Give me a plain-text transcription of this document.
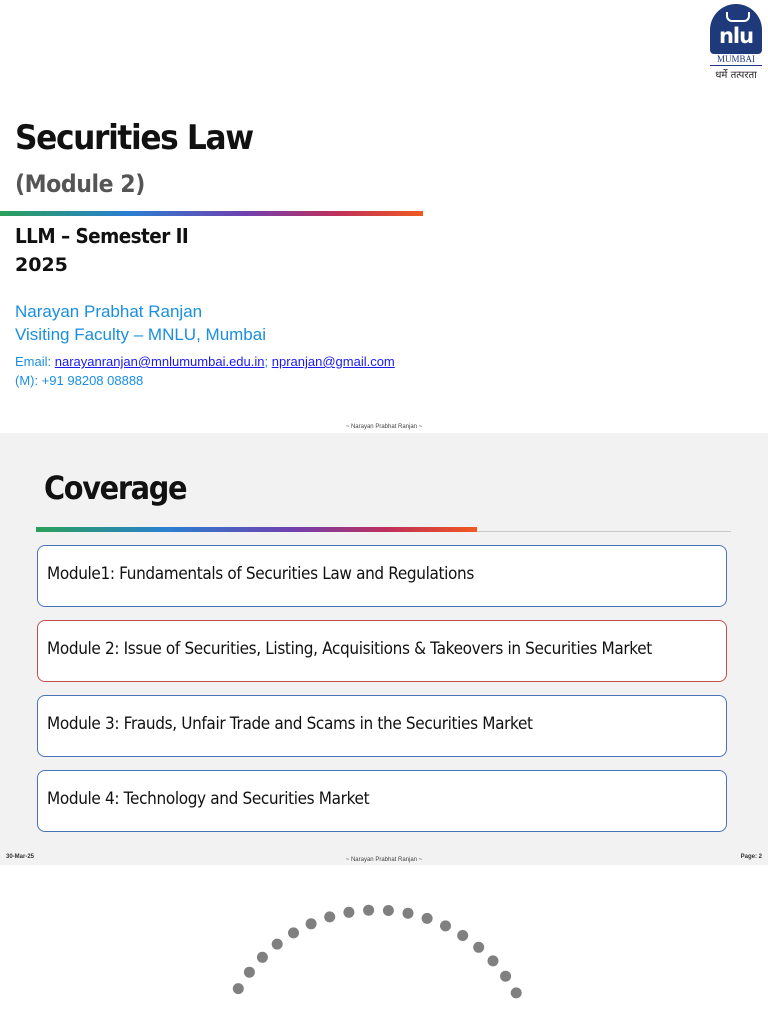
nlu
MUMBAI
धर्मे तत्परता
Securities Law
(Module 2)
LLM – Semester II
2025
Narayan Prabhat Ranjan
Visiting Faculty – MNLU, Mumbai
Email: narayanranjan@mnlumumbai.edu.in; npranjan@gmail.com
(M): +91 98208 08888
~ Narayan Prabhat Ranjan ~
Coverage
Module1: Fundamentals of Securities Law and Regulations
Module 2: Issue of Securities, Listing, Acquisitions & Takeovers in Securities Market
Module 3: Frauds, Unfair Trade and Scams in the Securities Market
Module 4: Technology and Securities Market
30-Mar-25	~ Narayan Prabhat Ranjan ~	Page: 2
